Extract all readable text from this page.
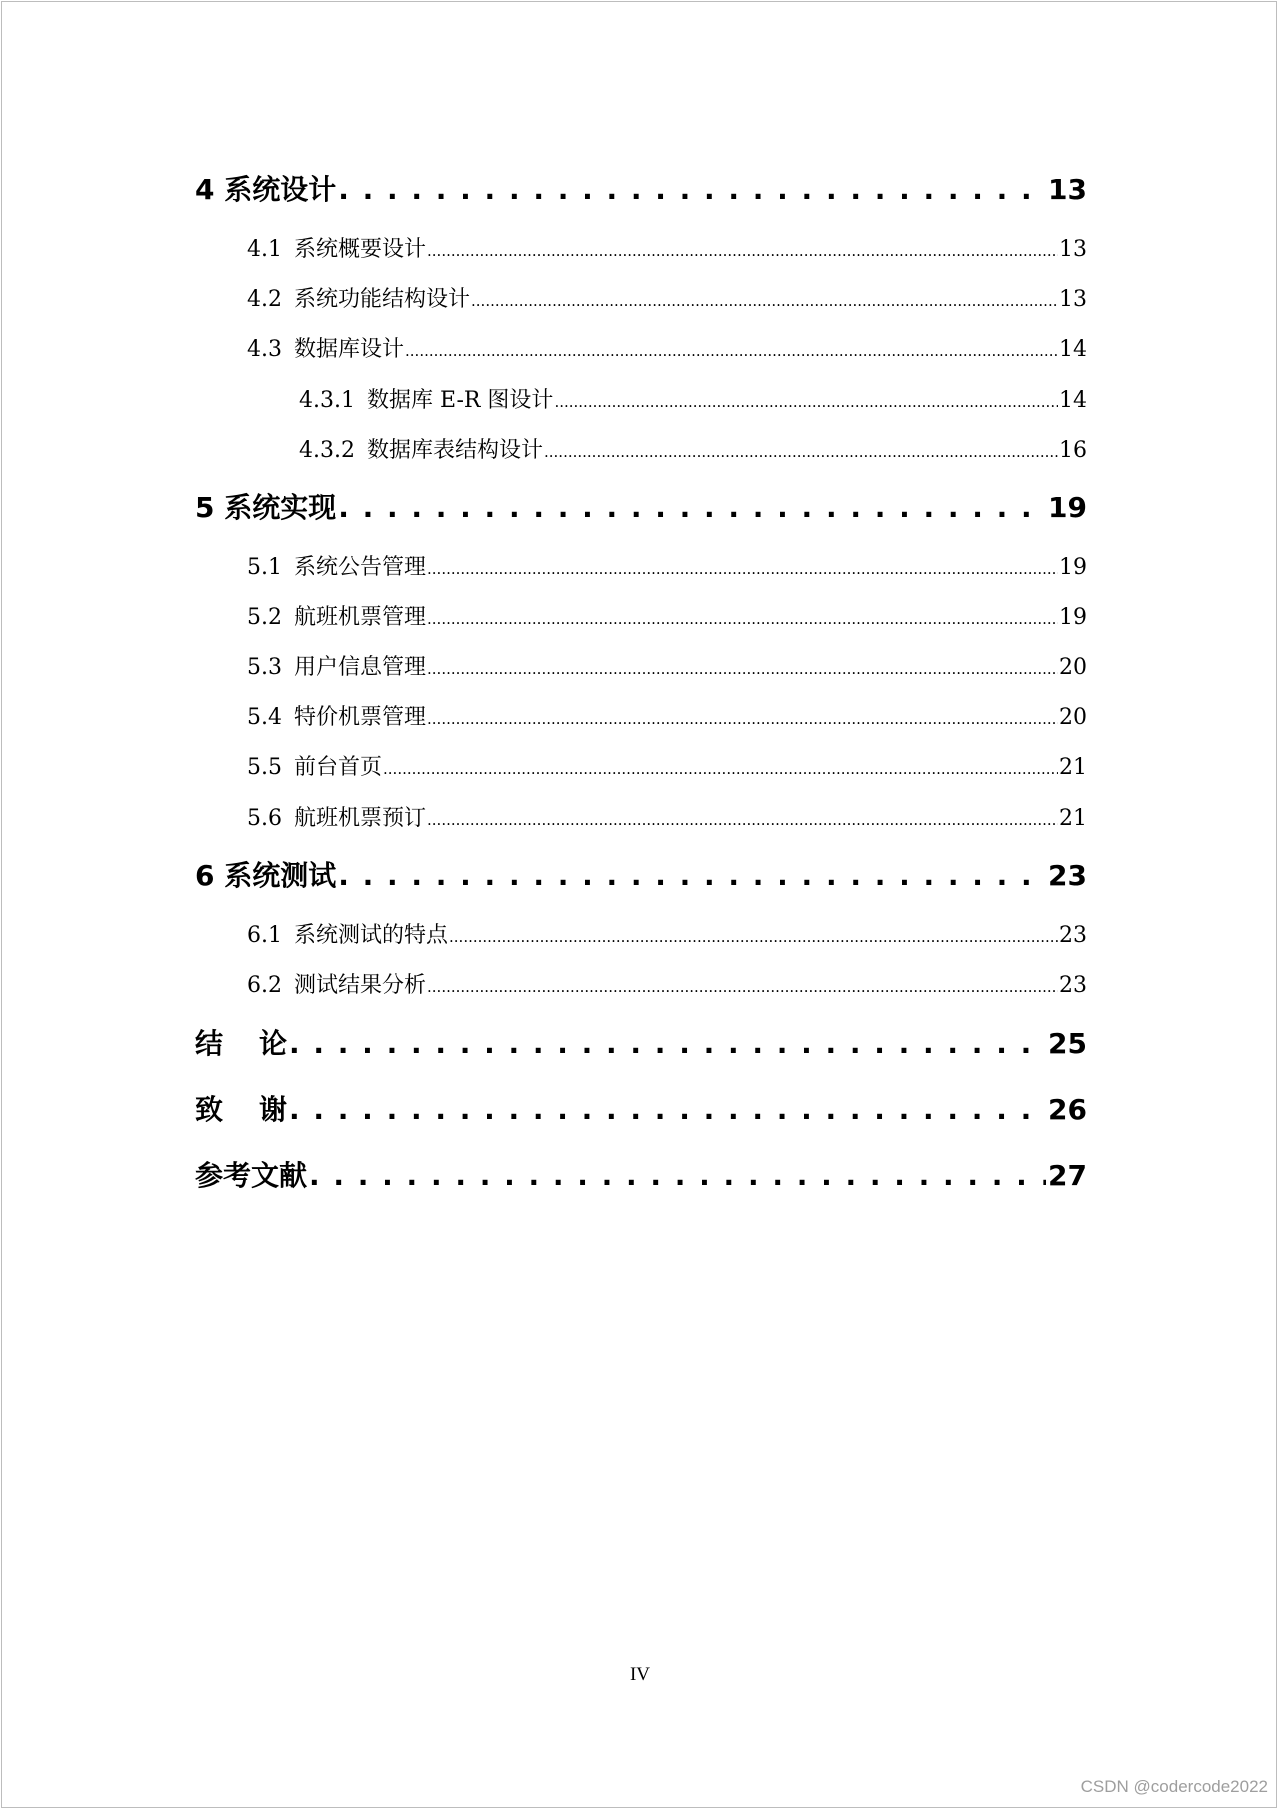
4 系统设计 . . .	13
4.1 系统概要设计 .....	13
4.2 系统功能结构设计 .....	13
4.3 数据库设计 .....	14
4.3.1 数据库 E-R 图设计 .....	14
4.3.2 数据库表结构设计 .....	16
5 系统实现 . . .	19
5.1 系统公告管理 .....	19
5.2 航班机票管理 .....	19
5.3 用户信息管理 .....	20
5.4 特价机票管理 .....	20
5.5 前台首页 .....	21
5.6 航班机票预订 .....	21
6 系统测试 . . .	23
6.1 系统测试的特点 .....	23
6.2 测试结果分析 .....	23
结 论 . . .	25
致 谢 . . .	26
参考文献 . . .	27
IV
CSDN @codercode2022
